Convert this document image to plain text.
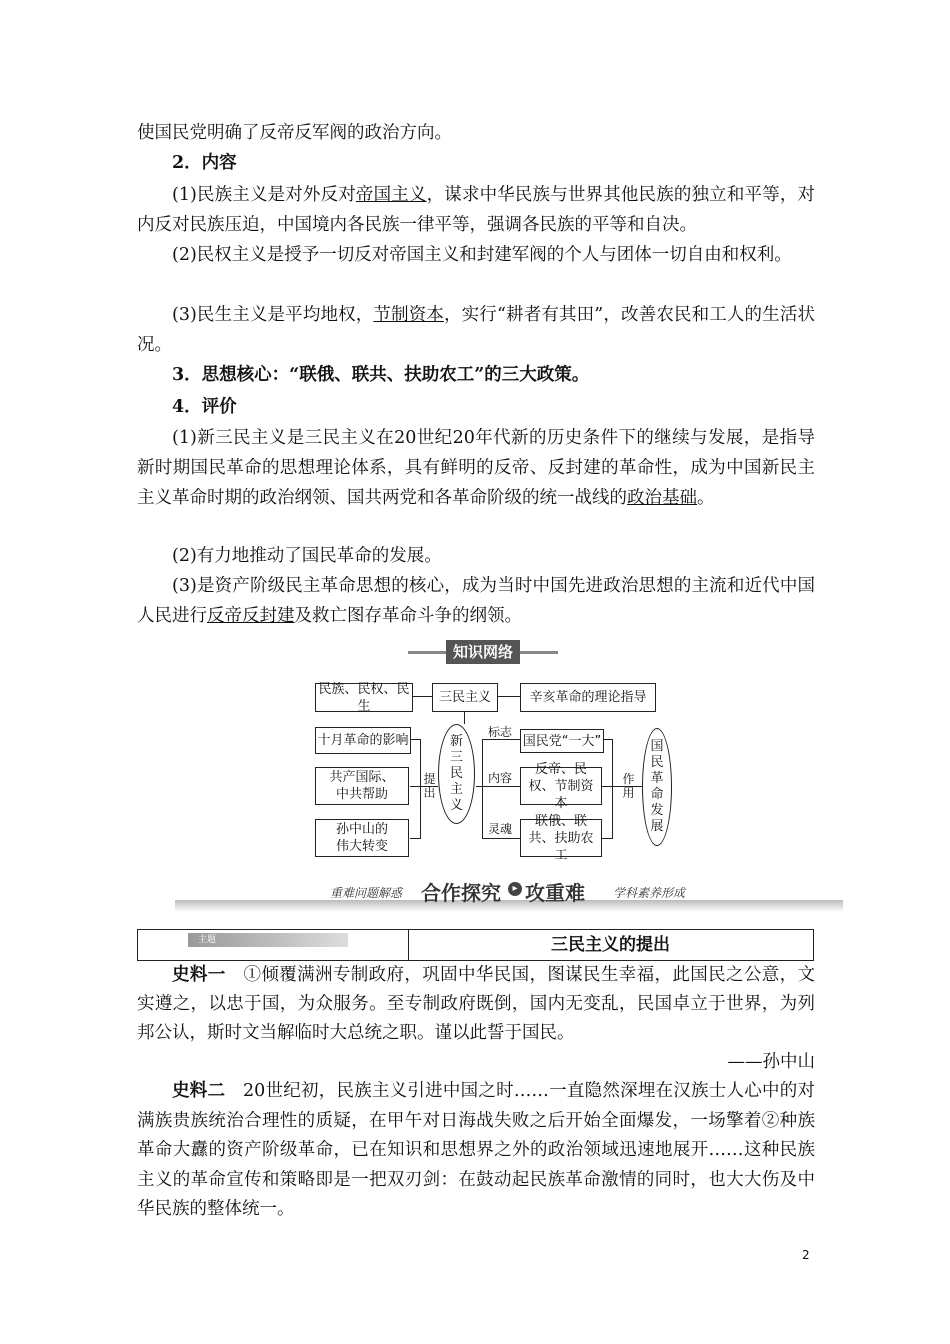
使国民党明确了反帝反军阀的政治方向。
2．内容
(1)民族主义是对外反对帝国主义，谋求中华民族与世界其他民族的独立和平等，对内反对民族压迫，中国境内各民族一律平等，强调各民族的平等和自决。
(2)民权主义是授予一切反对帝国主义和封建军阀的个人与团体一切自由和权利。
(3)民生主义是平均地权，节制资本，实行“耕者有其田”，改善农民和工人的生活状况。
3．思想核心：“联俄、联共、扶助农工”的三大政策。
4．评价
(1)新三民主义是三民主义在20世纪20年代新的历史条件下的继续与发展，是指导新时期国民革命的思想理论体系，具有鲜明的反帝、反封建的革命性，成为中国新民主主义革命时期的政治纲领、国共两党和各革命阶级的统一战线的政治基础。
(2)有力地推动了国民革命的发展。
(3)是资产阶级民主革命思想的核心，成为当时中国先进政治思想的主流和近代中国人民进行反帝反封建及救亡图存革命斗争的纲领。
知识网络
民族、民权、民生
三民主义	辛亥革命的理论指导
十月革命的影响
共产国际、中共帮助
孙中山的伟大转变
提出
新三民主义
标志
内容
灵魂
国民党“一大”
反帝、民权、节制资本
联俄、联共、扶助农工
作用
国民革命发展
重难问题解惑 合作探究	▸ 攻重难 学科素养形成
主题	三民主义的提出
史料一　 ①倾覆满洲专制政府，巩固中华民国，图谋民生幸福，此国民之公意，文实遵之，以忠于国，为众服务。至专制政府既倒，国内无变乱，民国卓立于世界，为列邦公认，斯时文当解临时大总统之职。谨以此誓于国民。
——孙中山
史料二　 20世纪初，民族主义引进中国之时……一直隐然深埋在汉族士人心中的对满族贵族统治合理性的质疑，在甲午对日海战失败之后开始全面爆发，一场擎着②种族革命大纛的资产阶级革命，已在知识和思想界之外的政治领域迅速地展开……这种民族主义的革命宣传和策略即是一把双刃剑：在鼓动起民族革命激情的同时，也大大伤及中华民族的整体统一。
2
